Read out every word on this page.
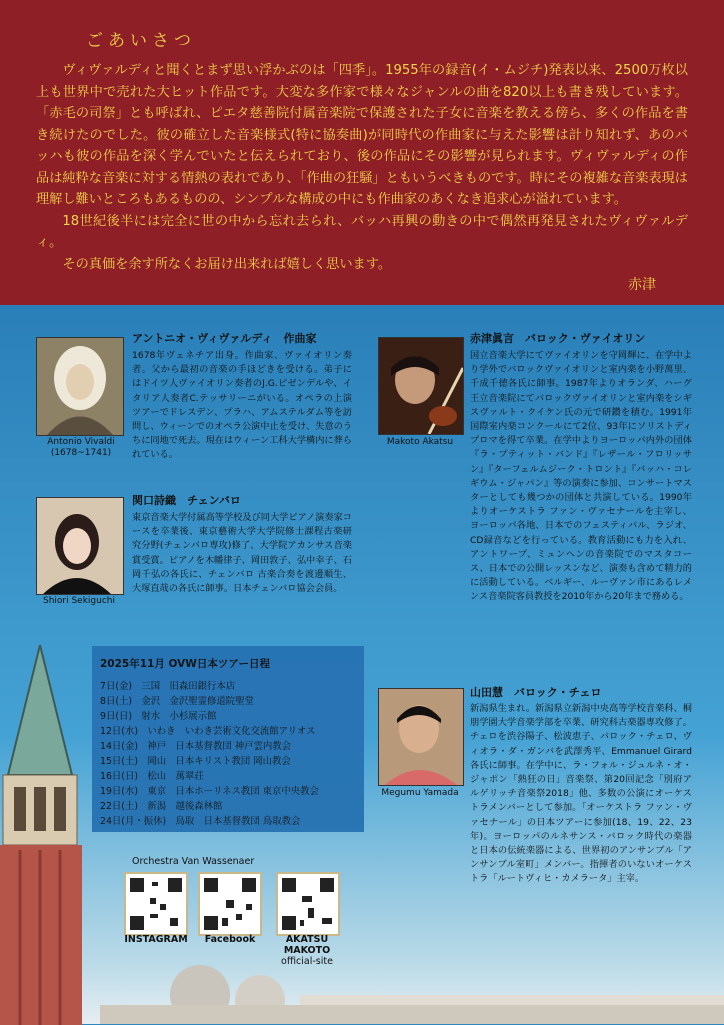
ごあいさつ

ヴィヴァルディと聞くとまず思い浮かぶのは「四季」。1955年の録音(イ・ムジチ)発表以来、2500万枚以上も世界中で売れた大ヒット作品です。大変な多作家で様々なジャンルの曲を820以上も書き残しています。「赤毛の司祭」とも呼ばれ、ピエタ慈善院付属音楽院で保護された子女に音楽を教える傍ら、多くの作品を書き続けたのでした。彼の確立した音楽様式(特に協奏曲)が同時代の作曲家に与えた影響は計り知れず、あのバッハも彼の作品を深く学んでいたと伝えられており、後の作品にその影響が見られます。ヴィヴァルディの作品は純粋な音楽に対する情熱の表れであり、「作曲の狂騒」ともいうべきものです。時にその複雑な音楽表現は理解し難いところもあるものの、シンプルな構成の中にも作曲家のあくなき追求心が溢れています。

18世紀後半には完全に世の中から忘れ去られ、バッハ再興の動きの中で偶然再発見されたヴィヴァルディ。

その真価を余す所なくお届け出来れば嬉しく思います。

赤津
Antonio Vivaldi
(1678~1741)
アントニオ・ヴィヴァルディ　作曲家

1678年ヴェネチア出身。作曲家、ヴァイオリン奏者。父から最初の音楽の手ほどきを受ける。弟子にはドイツ人ヴァイオリン奏者のJ.G.ピゼンデルや、イタリア人奏者C.テッサリーニがいる。オペラの上演ツアーでドレスデン、プラハ、アムステルダム等を訪問し、ウィーンでのオペラ公演中止を受け、失意のうちに同地で死去。現在はウィーン工科大学構内に葬られている。

Makoto Akatsu
赤津眞言　バロック・ヴァイオリン

国立音楽大学にてヴァイオリンを守岡輝に、在学中より学外でバロックヴァイオリンと室内楽を小野萬里、千成千徳各氏に師事。1987年よりオランダ、ハーグ王立音楽院にてバロックヴァイオリンと室内楽をシギスヴァルト・クイケン氏の元で研鑽を積む。1991年国際室内楽コンクールにて2位、93年にソリストディプロマを得て卒業。在学中よりヨーロッパ内外の団体『ラ・プティット・バンド』『レザール・フロリッサン』『ターフェルムジーク・トロント』『バッハ・コレギウム・ジャパン』等の演奏に参加、コンサートマスターとしても幾つかの団体と共演している。1990年よりオーケストラ ファン・ヴァセナールを主宰し、ヨーロッパ各地、日本でのフェスティバル、ラジオ、CD録音などを行っている。教育活動にも力を入れ、アントワープ、ミュンヘンの音楽院でのマスタコース、日本での公開レッスンなど、演奏も含めて精力的に活動している。ベルギー、ルーヴァン市にあるレメンス音楽院客員教授を2010年から20年まで務める。

Shiori Sekiguchi
関口詩織　チェンバロ

東京音楽大学付属高等学校及び同大学ピアノ演奏家コースを卒業後、東京藝術大学大学院修士課程古楽研究分野(チェンバロ専攻)修了、大学院アカンサス音楽賞受賞。ピアノを木幡律子、岡田敦子、弘中幸子、石岡千弘の各氏に、チェンバロ 古楽合奏を渡邊順生、大塚直哉の各氏に師事。日本チェンバロ協会会員。

Megumu Yamada
山田慧　バロック・チェロ

新潟県生まれ。新潟県立新潟中央高等学校音楽科、桐朋学園大学音楽学部を卒業、研究科古楽器専攻修了。チェロを渋谷陽子、松波恵子、バロック・チェロ、ヴィオラ・ダ・ガンバを武澤秀平、Emmanuel Girard各氏に師事。在学中に、ラ・フォル・ジュルネ・オ・ジャポン「熱狂の日」音楽祭、第20回記念「別府アルゲリッチ音楽祭2018」他、多数の公演にオーケストラメンバーとして参加。「オーケストラ ファン・ヴァセナール」の日本ツアーに参加(18、19、22、23年)。ヨーロッパのルネサンス・バロック時代の楽器と日本の伝統楽器による、世界初のアンサンブル「アンサンブル室町」メンバー。指揮者のいないオーケストラ「ルートヴィヒ・カメラータ」主宰。

2025年11月 OVW日本ツアー日程
7日(金)　三国　旧森田銀行本店
8日(土)　金沢　金沢聖霊修道院聖堂
9日(日)　射水　小杉展示館
12日(水)　いわき　いわき芸術文化交流館アリオス
14日(金)　神戸　日本基督教団 神戸雲内教会
15日(土)　岡山　日本キリスト教団 岡山教会
16日(日)　松山　萬翠荘
19日(水)　東京　日本ホーリネス教団 東京中央教会
22日(土)　新潟　越後森林館
24日(月・振休)　鳥取　日本基督教団 鳥取教会
Orchestra Van Wassenaer
INSTAGRAM	Facebook	AKATSU MAKOTO
official-site
